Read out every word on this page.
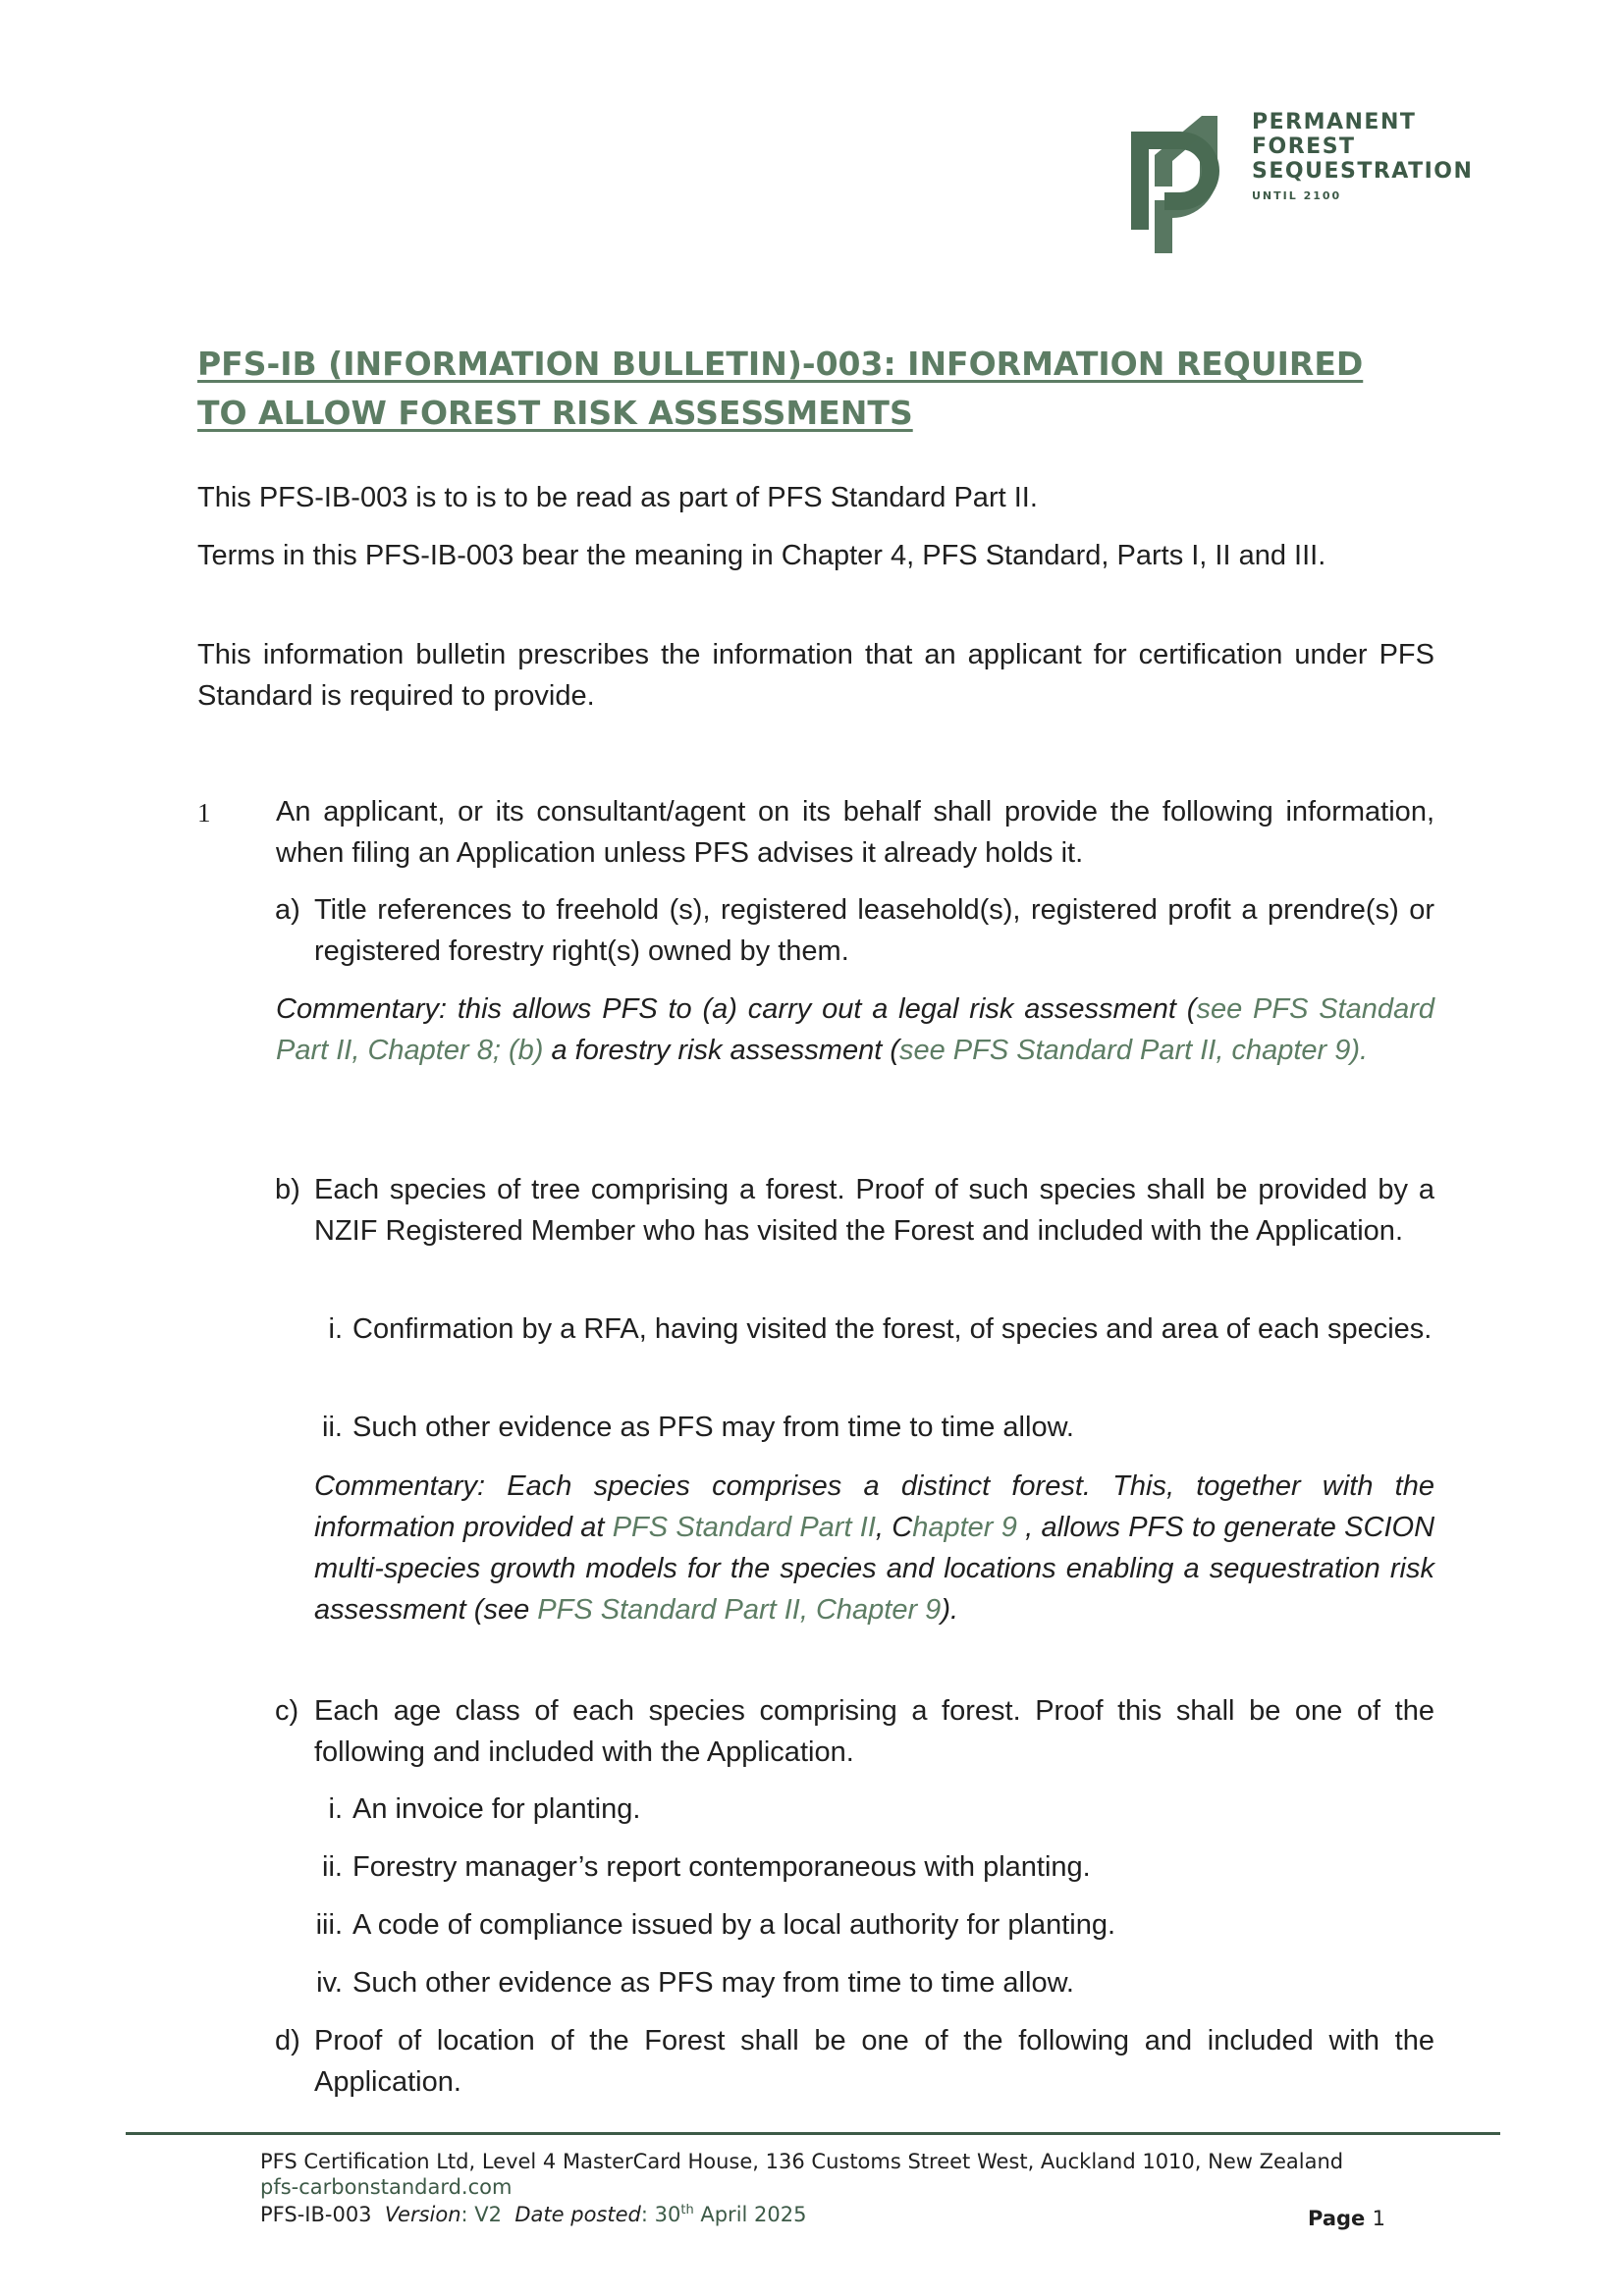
PERMANENT
FOREST
SEQUESTRATION
UNTIL 2100
PFS-IB (INFORMATION BULLETIN)-003: INFORMATION REQUIRED
TO ALLOW FOREST RISK ASSESSMENTS
This PFS-IB-003 is to is to be read as part of PFS Standard Part II.
Terms in this PFS-IB-003 bear the meaning in Chapter 4, PFS Standard, Parts I, II and III.
This information bulletin prescribes the information that an applicant for certification under PFS Standard is required to provide.
1 An applicant, or its consultant/agent on its behalf shall provide the following information, when filing an Application unless PFS advises it already holds it.
a) Title references to freehold (s), registered leasehold(s), registered profit a prendre(s) or registered forestry right(s) owned by them.
Commentary: this allows PFS to (a) carry out a legal risk assessment (see PFS Standard Part II, Chapter 8; (b) a forestry risk assessment (see PFS Standard Part II, chapter 9).
b) Each species of tree comprising a forest. Proof of such species shall be provided by a NZIF Registered Member who has visited the Forest and included with the Application.
i. Confirmation by a RFA, having visited the forest, of species and area of each species.
ii. Such other evidence as PFS may from time to time allow.
Commentary: Each species comprises a distinct forest. This, together with the information provided at PFS Standard Part II, Chapter 9 , allows PFS to generate SCION multi-species growth models for the species and locations enabling a sequestration risk assessment (see PFS Standard Part II, Chapter 9).
c) Each age class of each species comprising a forest. Proof this shall be one of the following and included with the Application.
i. An invoice for planting.
ii. Forestry manager’s report contemporaneous with planting.
iii. A code of compliance issued by a local authority for planting.
iv. Such other evidence as PFS may from time to time allow.
d) Proof of location of the Forest shall be one of the following and included with the Application.
PFS Certification Ltd, Level 4 MasterCard House, 136 Customs Street West, Auckland 1010, New Zealand
pfs-carbonstandard.com
PFS-IB-003 Version: V2 Date posted: 30th April 2025	Page 1
